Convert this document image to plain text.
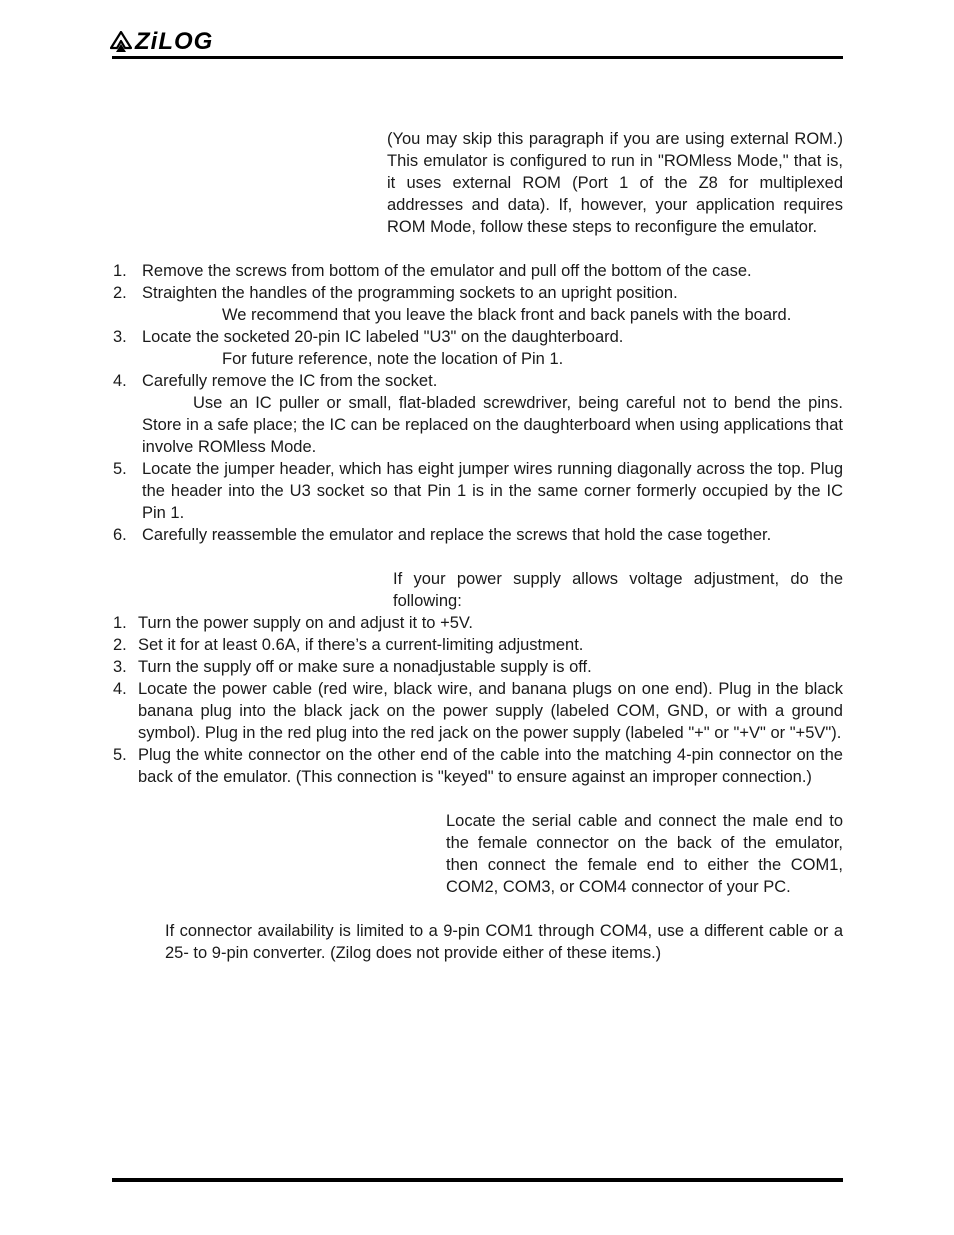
ZiLOG

(You may skip this paragraph if you are using external ROM.) This emulator is configured to run in "ROMless Mode," that is, it uses external ROM (Port 1 of the Z8 for multiplexed addresses and data). If, however, your application requires ROM Mode, follow these steps to reconfigure the emulator.

1. Remove the screws from bottom of the emulator and pull off the bottom of the case.
2. Straighten the handles of the programming sockets to an upright position.
We recommend that you leave the black front and back panels with the board.
3. Locate the socketed 20-pin IC labeled "U3" on the daughterboard.
For future reference, note the location of Pin 1.
4. Carefully remove the IC from the socket.
Use an IC puller or small, flat-bladed screwdriver, being careful not to bend the pins. Store in a safe place; the IC can be replaced on the daughterboard when using applications that involve ROMless Mode.
5. Locate the jumper header, which has eight jumper wires running diagonally across the top. Plug the header into the U3 socket so that Pin 1 is in the same corner formerly occupied by the IC Pin 1.
6. Carefully reassemble the emulator and replace the screws that hold the case together.

If your power supply allows voltage adjustment, do the following:

1. Turn the power supply on and adjust it to +5V.
2. Set it for at least 0.6A, if there’s a current-limiting adjustment.
3. Turn the supply off or make sure a nonadjustable supply is off.
4. Locate the power cable (red wire, black wire, and banana plugs on one end). Plug in the black banana plug into the black jack on the power supply (labeled COM, GND, or with a ground symbol). Plug in the red plug into the red jack on the power supply (labeled "+" or "+V" or "+5V").
5. Plug the white connector on the other end of the cable into the matching 4-pin connector on the back of the emulator. (This connection is "keyed" to ensure against an improper connection.)

Locate the serial cable and connect the male end to the female connector on the back of the emulator, then connect the female end to either the COM1, COM2, COM3, or COM4 connector of your PC.

If connector availability is limited to a 9-pin COM1 through COM4, use a different cable or a 25- to 9-pin converter. (Zilog does not provide either of these items.)
